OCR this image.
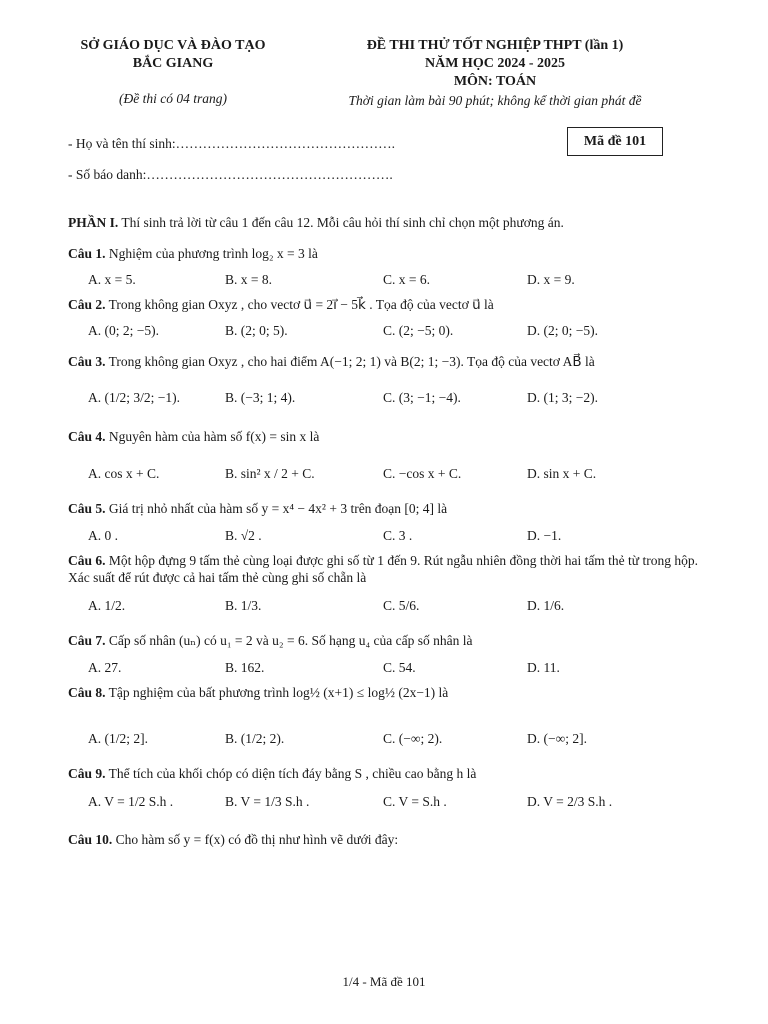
SỞ GIÁO DỤC VÀ ĐÀO TẠO
BẮC GIANG
(Đề thi có 04 trang)
ĐỀ THI THỬ TỐT NGHIỆP THPT (lần 1)
NĂM HỌC 2024 - 2025
MÔN: TOÁN
Thời gian làm bài 90 phút; không kể thời gian phát đề
- Họ và tên thí sinh:………………………………………….
- Số báo danh:……………………………………………….
Mã đề 101
PHẦN I. Thí sinh trả lời từ câu 1 đến câu 12. Mỗi câu hỏi thí sinh chỉ chọn một phương án.
Câu 1. Nghiệm của phương trình log₂ x = 3 là
A. x = 5.	B. x = 8.	C. x = 6.	D. x = 9.
Câu 2. Trong không gian Oxyz , cho vectơ u⃗ = 2i⃗ − 5k⃗ . Tọa độ của vectơ u⃗ là
A. (0; 2; −5).	B. (2; 0; 5).	C. (2; −5; 0).	D. (2; 0; −5).
Câu 3. Trong không gian Oxyz , cho hai điểm A(−1; 2; 1) và B(2; 1; −3). Tọa độ của vectơ AB⃗ là
A. (1/2; 3/2; −1).	B. (−3; 1; 4).	C. (3; −1; −4).	D. (1; 3; −2).
Câu 4. Nguyên hàm của hàm số f(x) = sin x là
A. cos x + C.	B. sin² x / 2 + C.	C. −cos x + C.	D. sin x + C.
Câu 5. Giá trị nhỏ nhất của hàm số y = x⁴ − 4x² + 3 trên đoạn [0; 4] là
A. 0 .	B. √2 .	C. 3 .	D. −1.
Câu 6. Một hộp đựng 9 tấm thẻ cùng loại được ghi số từ 1 đến 9. Rút ngẫu nhiên đồng thời hai tấm thẻ từ trong hộp. Xác suất để rút được cả hai tấm thẻ cùng ghi số chẵn là
A. 1/2.	B. 1/3.	C. 5/6.	D. 1/6.
Câu 7. Cấp số nhân (uₙ) có u₁ = 2 và u₂ = 6. Số hạng u₄ của cấp số nhân là
A. 27.	B. 162.	C. 54.	D. 11.
Câu 8. Tập nghiệm của bất phương trình log½ (x+1) ≤ log½ (2x−1) là
A. (1/2; 2].	B. (1/2; 2).	C. (−∞; 2).	D. (−∞; 2].
Câu 9. Thể tích của khối chóp có diện tích đáy bằng S , chiều cao bằng h là
A. V = 1/2 S.h .	B. V = 1/3 S.h .	C. V = S.h .	D. V = 2/3 S.h .
Câu 10. Cho hàm số y = f(x) có đồ thị như hình vẽ dưới đây:
1/4 - Mã đề 101
